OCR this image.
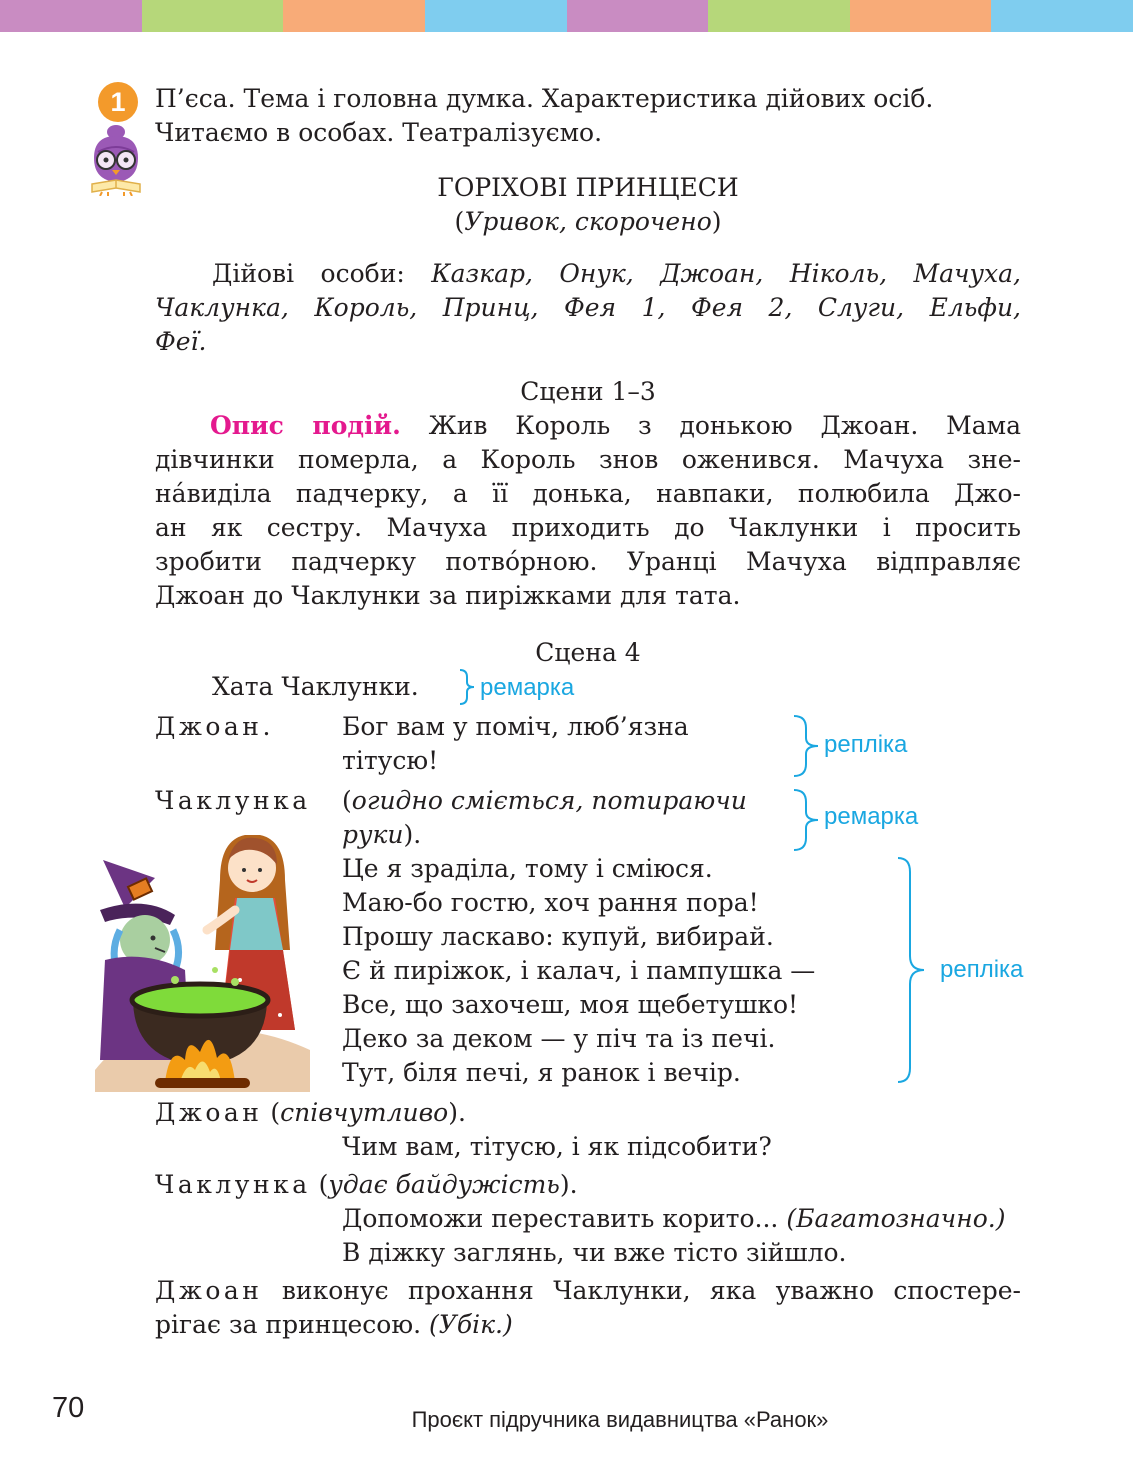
1	П’єса. Тема і головна думка. Характеристика дійових осіб.
Читаємо в особах. Театралізуємо.
ГОРІХОВІ ПРИНЦЕСИ
(Уривок, скорочено)
Дійові особи: Казкар, Онук, Джоан, Ніколь, Мачуха,
Чаклунка, Король, Принц, Фея 1, Фея 2, Слуги, Ельфи,
Феї.
Сцени 1–3
Опис подій. Жив Король з донькою Джоан. Мама
дівчинки померла, а Король знов оженився. Мачуха зне-
нáвиділа падчерку, а її донька, навпаки, полюбила Джо-
ан як сестру. Мачуха приходить до Чаклунки і просить
зробити падчерку потвóрною. Уранці Мачуха відправляє
Джоан до Чаклунки за пиріжками для тата.
Сцена 4
Хата Чаклунки.	ремарка
Джоан.	Бог вам у поміч, люб’язна
тітусю!
репліка
Чаклунка (огидно сміється, потираючи
руки).
ремарка
Це я зраділа, тому і сміюся.
Маю-бо гостю, хоч рання пора!
Прошу ласкаво: купуй, вибирай.
Є й пиріжок, і калач, і пампушка —
Все, що захочеш, моя щебетушко!
Деко за деком — у піч та із печі.
Тут, біля печі, я ранок і вечір.
репліка
Джоан (співчутливо).
Чим вам, тітусю, і як підсобити?
Чаклунка (удає байдужість).
Допоможи переставить корито... (Багатозначно.)
В діжку заглянь, чи вже тісто зійшло.
Джоан виконує прохання Чаклунки, яка уважно спостере-
рігає за принцесою. (Убік.)
70	Проєкт підручника видавництва «Ранок»
